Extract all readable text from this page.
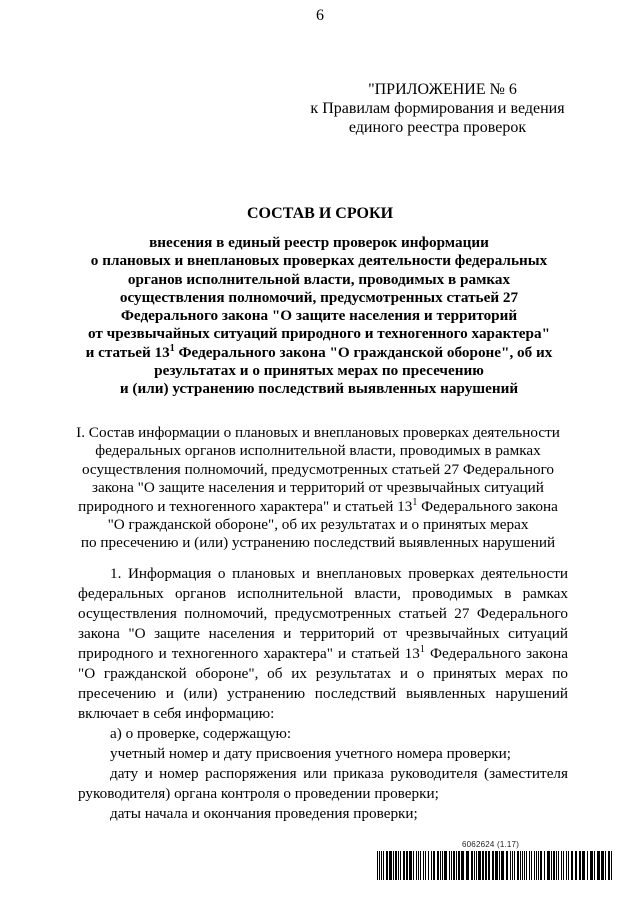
6
"ПРИЛОЖЕНИЕ № 6
к Правилам формирования и ведения
единого реестра проверок
СОСТАВ И СРОКИ
внесения в единый реестр проверок информации
о плановых и внеплановых проверках деятельности федеральных
органов исполнительной власти, проводимых в рамках
осуществления полномочий, предусмотренных статьей 27
Федерального закона "О защите населения и территорий
от чрезвычайных ситуаций природного и техногенного характера"
и статьей $13^1$ Федерального закона "О гражданской обороне", об их
результатах и о принятых мерах по пресечению
и (или) устранению последствий выявленных нарушений
I. Состав информации о плановых и внеплановых проверках деятельности
федеральных органов исполнительной власти, проводимых в рамках
осуществления полномочий, предусмотренных статьей 27 Федерального
закона "О защите населения и территорий от чрезвычайных ситуаций
природного и техногенного характера" и статьей $13^1$ Федерального закона
"О гражданской обороне", об их результатах и о принятых мерах
по пресечению и (или) устранению последствий выявленных нарушений

1. Информация о плановых и внеплановых проверках деятельности федеральных органов исполнительной власти, проводимых в рамках осуществления полномочий, предусмотренных статьей 27 Федерального закона "О защите населения и территорий от чрезвычайных ситуаций природного и техногенного характера" и статьей $13^1$ Федерального закона "О гражданской обороне", об их результатах и о принятых мерах по пресечению и (или) устранению последствий выявленных нарушений включает в себя информацию:

а) о проверке, содержащую:

учетный номер и дату присвоения учетного номера проверки;

дату и номер распоряжения или приказа руководителя (заместителя руководителя) органа контроля о проведении проверки;

даты начала и окончания проведения проверки;

6062624 (1.17)
